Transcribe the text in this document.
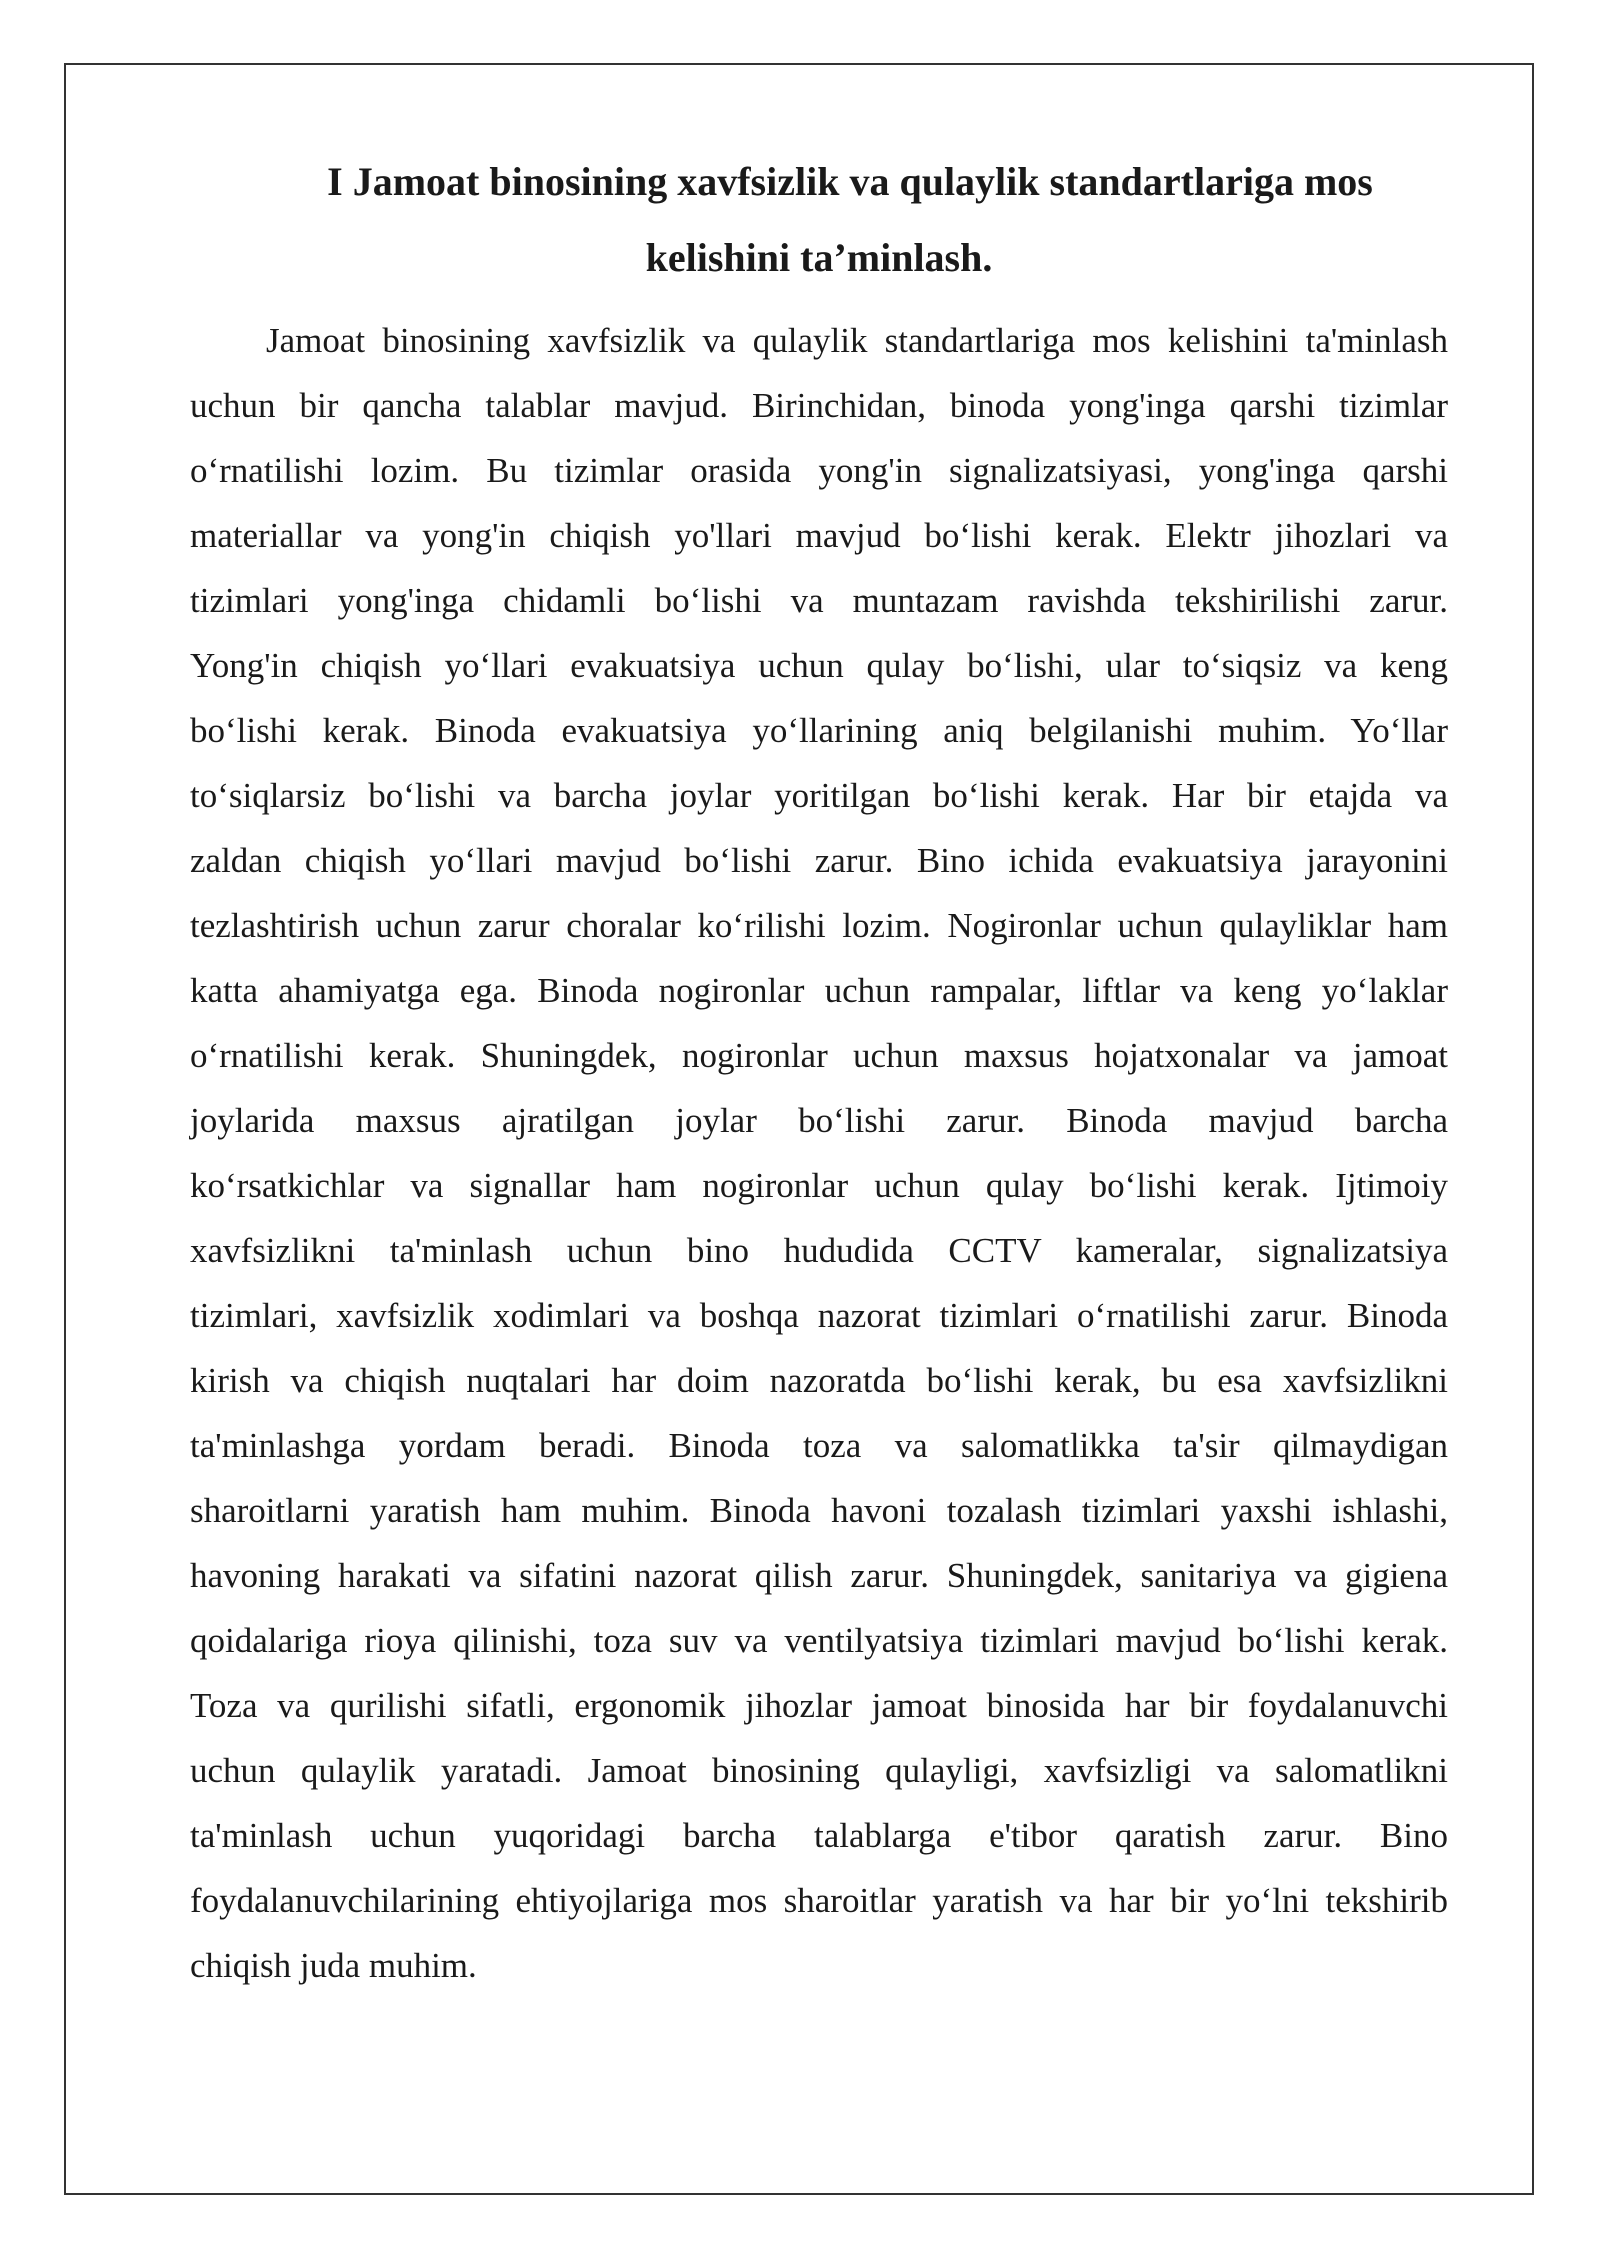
I Jamoat binosining xavfsizlik va qulaylik standartlariga mos
kelishini ta’minlash.
Jamoat binosining xavfsizlik va qulaylik standartlariga mos kelishini ta'minlash
uchun bir qancha talablar mavjud. Birinchidan, binoda yong'inga qarshi tizimlar
o‘rnatilishi lozim. Bu tizimlar orasida yong'in signalizatsiyasi, yong'inga qarshi
materiallar va yong'in chiqish yo'llari mavjud bo‘lishi kerak. Elektr jihozlari va
tizimlari yong'inga chidamli bo‘lishi va muntazam ravishda tekshirilishi zarur.
Yong'in chiqish yo‘llari evakuatsiya uchun qulay bo‘lishi, ular to‘siqsiz va keng
bo‘lishi kerak. Binoda evakuatsiya yo‘llarining aniq belgilanishi muhim. Yo‘llar
to‘siqlarsiz bo‘lishi va barcha joylar yoritilgan bo‘lishi kerak. Har bir etajda va
zaldan chiqish yo‘llari mavjud bo‘lishi zarur. Bino ichida evakuatsiya jarayonini
tezlashtirish uchun zarur choralar ko‘rilishi lozim. Nogironlar uchun qulayliklar ham
katta ahamiyatga ega. Binoda nogironlar uchun rampalar, liftlar va keng yo‘laklar
o‘rnatilishi kerak. Shuningdek, nogironlar uchun maxsus hojatxonalar va jamoat
joylarida maxsus ajratilgan joylar bo‘lishi zarur. Binoda mavjud barcha
ko‘rsatkichlar va signallar ham nogironlar uchun qulay bo‘lishi kerak. Ijtimoiy
xavfsizlikni ta'minlash uchun bino hududida CCTV kameralar, signalizatsiya
tizimlari, xavfsizlik xodimlari va boshqa nazorat tizimlari o‘rnatilishi zarur. Binoda
kirish va chiqish nuqtalari har doim nazoratda bo‘lishi kerak, bu esa xavfsizlikni
ta'minlashga yordam beradi. Binoda toza va salomatlikka ta'sir qilmaydigan
sharoitlarni yaratish ham muhim. Binoda havoni tozalash tizimlari yaxshi ishlashi,
havoning harakati va sifatini nazorat qilish zarur. Shuningdek, sanitariya va gigiena
qoidalariga rioya qilinishi, toza suv va ventilyatsiya tizimlari mavjud bo‘lishi kerak.
Toza va qurilishi sifatli, ergonomik jihozlar jamoat binosida har bir foydalanuvchi
uchun qulaylik yaratadi. Jamoat binosining qulayligi, xavfsizligi va salomatlikni
ta'minlash uchun yuqoridagi barcha talablarga e'tibor qaratish zarur. Bino
foydalanuvchilarining ehtiyojlariga mos sharoitlar yaratish va har bir yo‘lni tekshirib
chiqish juda muhim.
